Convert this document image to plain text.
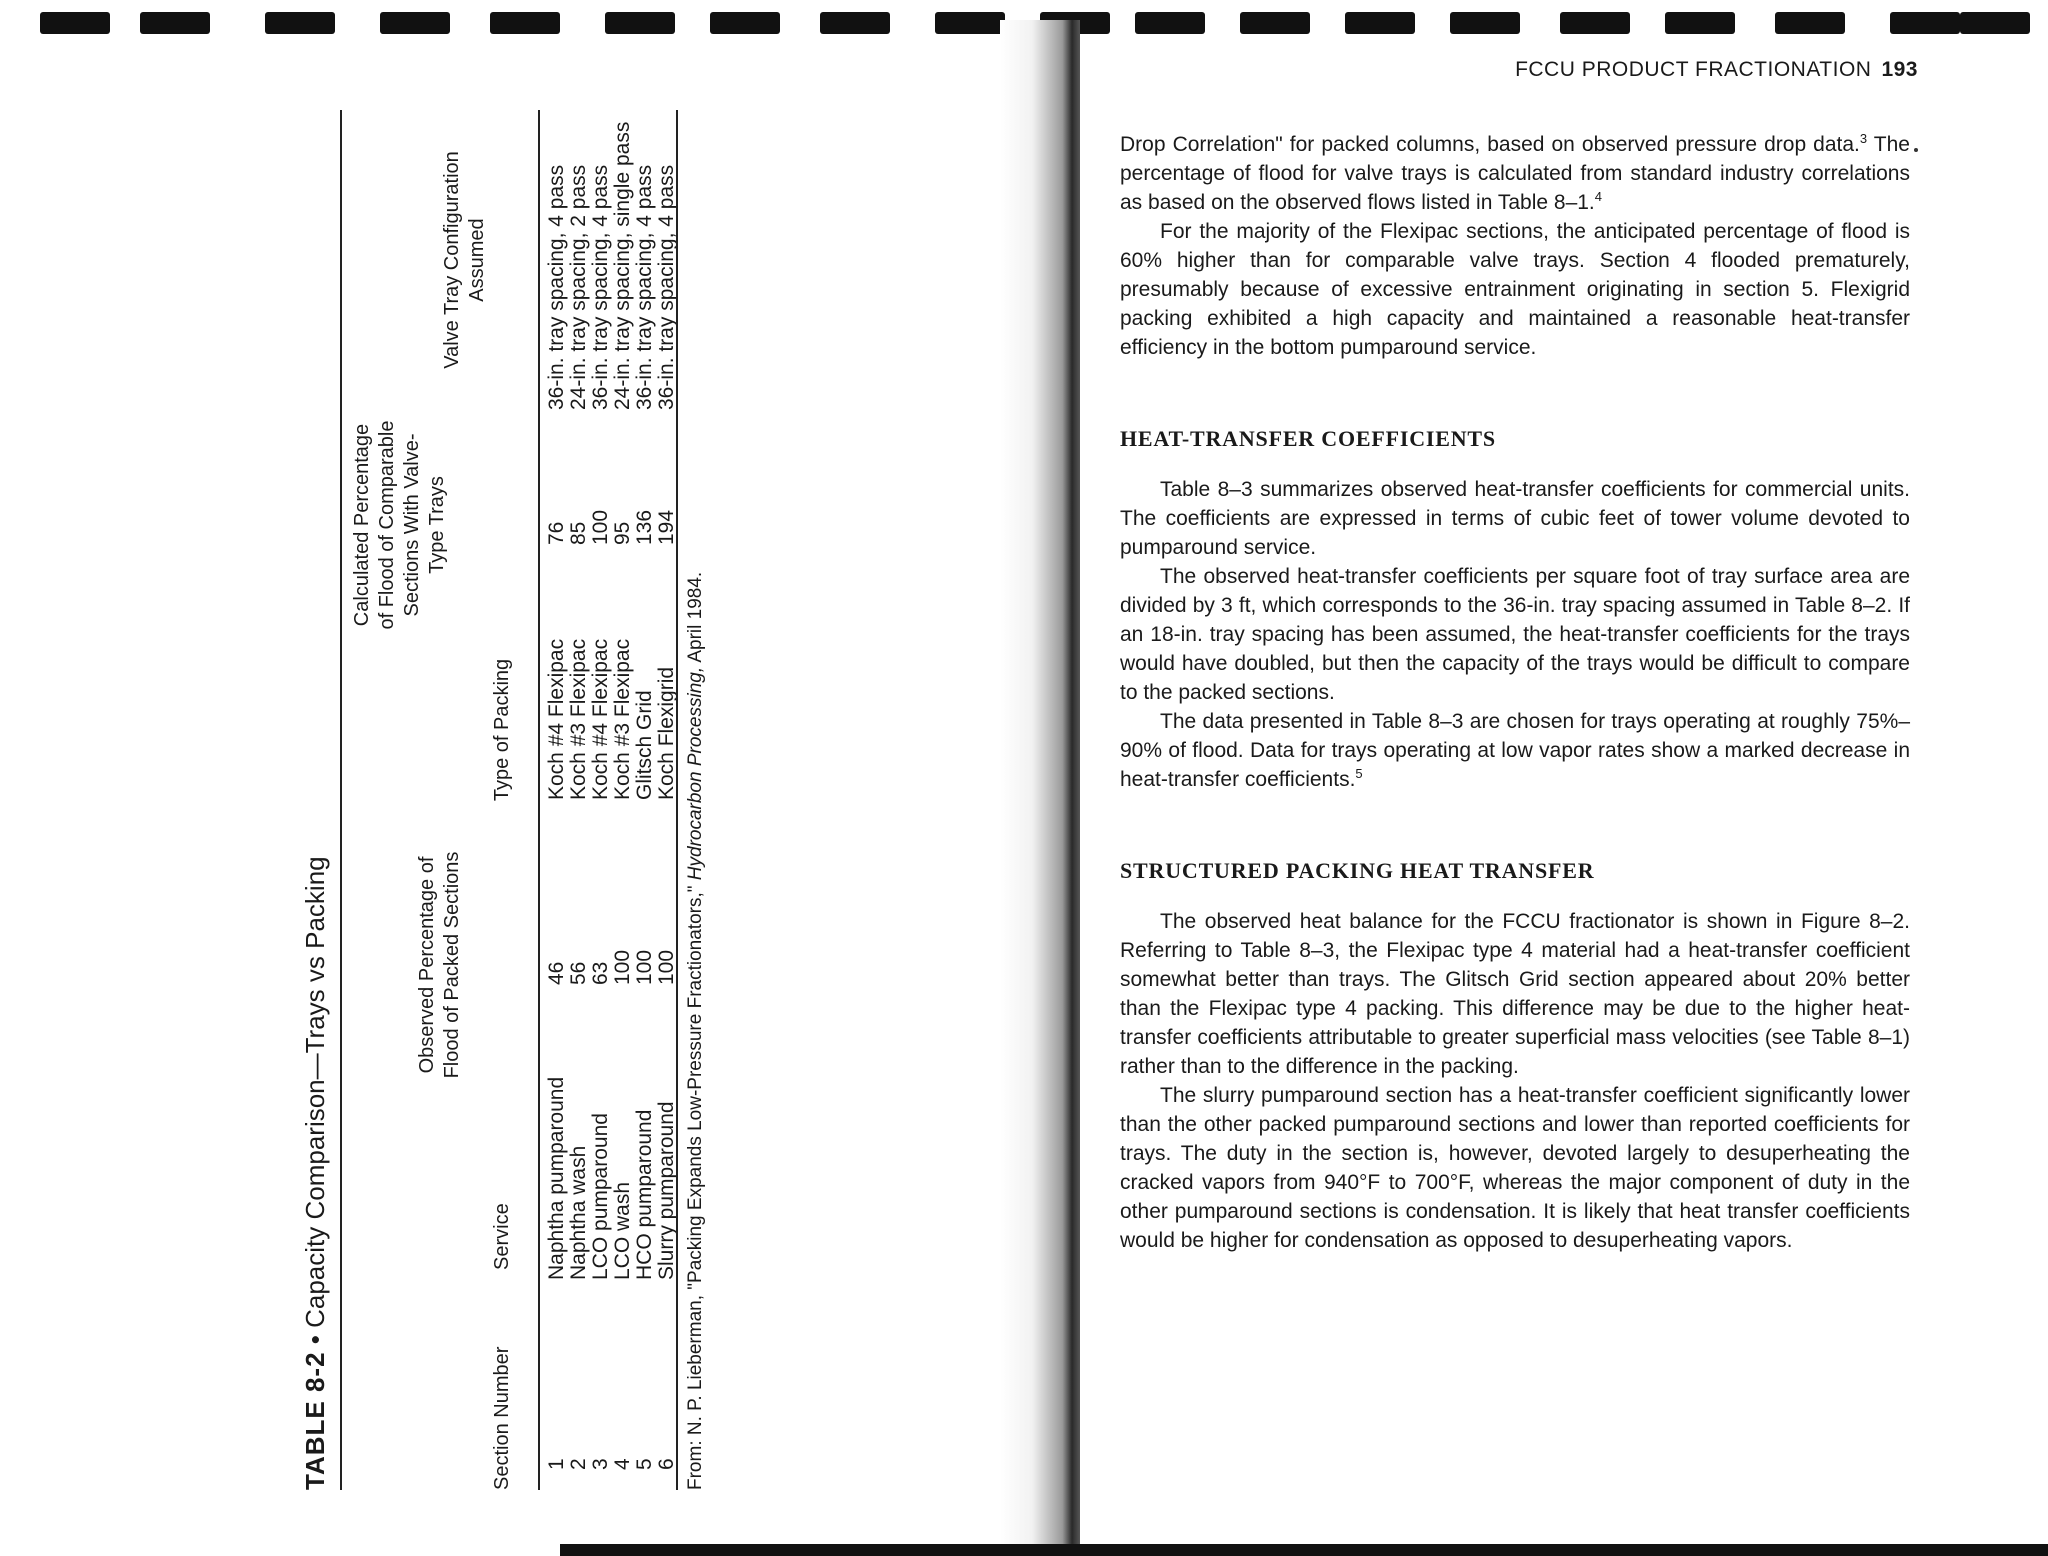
TABLE 8-2 • Capacity Comparison—Trays vs Packing
Section Number
Service
Observed Percentage of Flood of Packed Sections
Type of Packing
Calculated Percentage of Flood of Comparable Sections With Valve-Type Trays
Valve Tray Configuration Assumed
1
Naphtha pumparound
46
Koch #4 Flexipac
76
36-in. tray spacing, 4 pass
2
Naphtha wash
56
Koch #3 Flexipac
85
24-in. tray spacing, 2 pass
3
LCO pumparound
63
Koch #4 Flexipac
100
36-in. tray spacing, 4 pass
4
LCO wash
100
Koch #3 Flexipac
95
24-in. tray spacing, single pass
5
HCO pumparound
100
Glitsch Grid
136
36-in. tray spacing, 4 pass
6
Slurry pumparound
100
Koch Flexigrid
194
36-in. tray spacing, 4 pass
From: N. P. Lieberman, "Packing Expands Low-Pressure Fractionators," Hydrocarbon Processing, April 1984.
FCCU PRODUCT FRACTIONATION 193

Drop Correlation" for packed columns, based on observed pressure drop data.$^3$ The percentage of flood for valve trays is calculated from standard industry correlations as based on the observed flows listed in Table 8–1.$^4$

For the majority of the Flexipac sections, the anticipated percentage of flood is 60% higher than for comparable valve trays. Section 4 flooded prematurely, presumably because of excessive entrainment originating in section 5. Flexigrid packing exhibited a high capacity and maintained a reasonable heat-transfer efficiency in the bottom pumparound service.

HEAT-TRANSFER COEFFICIENTS

Table 8–3 summarizes observed heat-transfer coefficients for commercial units. The coefficients are expressed in terms of cubic feet of tower volume devoted to pumparound service.

The observed heat-transfer coefficients per square foot of tray surface area are divided by 3 ft, which corresponds to the 36-in. tray spacing assumed in Table 8–2. If an 18-in. tray spacing has been assumed, the heat-transfer coefficients for the trays would have doubled, but then the capacity of the trays would be difficult to compare to the packed sections.

The data presented in Table 8–3 are chosen for trays operating at roughly 75%–90% of flood. Data for trays operating at low vapor rates show a marked decrease in heat-transfer coefficients.$^5$

STRUCTURED PACKING HEAT TRANSFER

The observed heat balance for the FCCU fractionator is shown in Figure 8–2. Referring to Table 8–3, the Flexipac type 4 material had a heat-transfer coefficient somewhat better than trays. The Glitsch Grid section appeared about 20% better than the Flexipac type 4 packing. This difference may be due to the higher heat-transfer coefficients attributable to greater superficial mass velocities (see Table 8–1) rather than to the difference in the packing.

The slurry pumparound section has a heat-transfer coefficient significantly lower than the other packed pumparound sections and lower than reported coefficients for trays. The duty in the section is, however, devoted largely to desuperheating the cracked vapors from 940°F to 700°F, whereas the major component of duty in the other pumparound sections is condensation. It is likely that heat transfer coefficients would be higher for condensation as opposed to desuperheating vapors.
